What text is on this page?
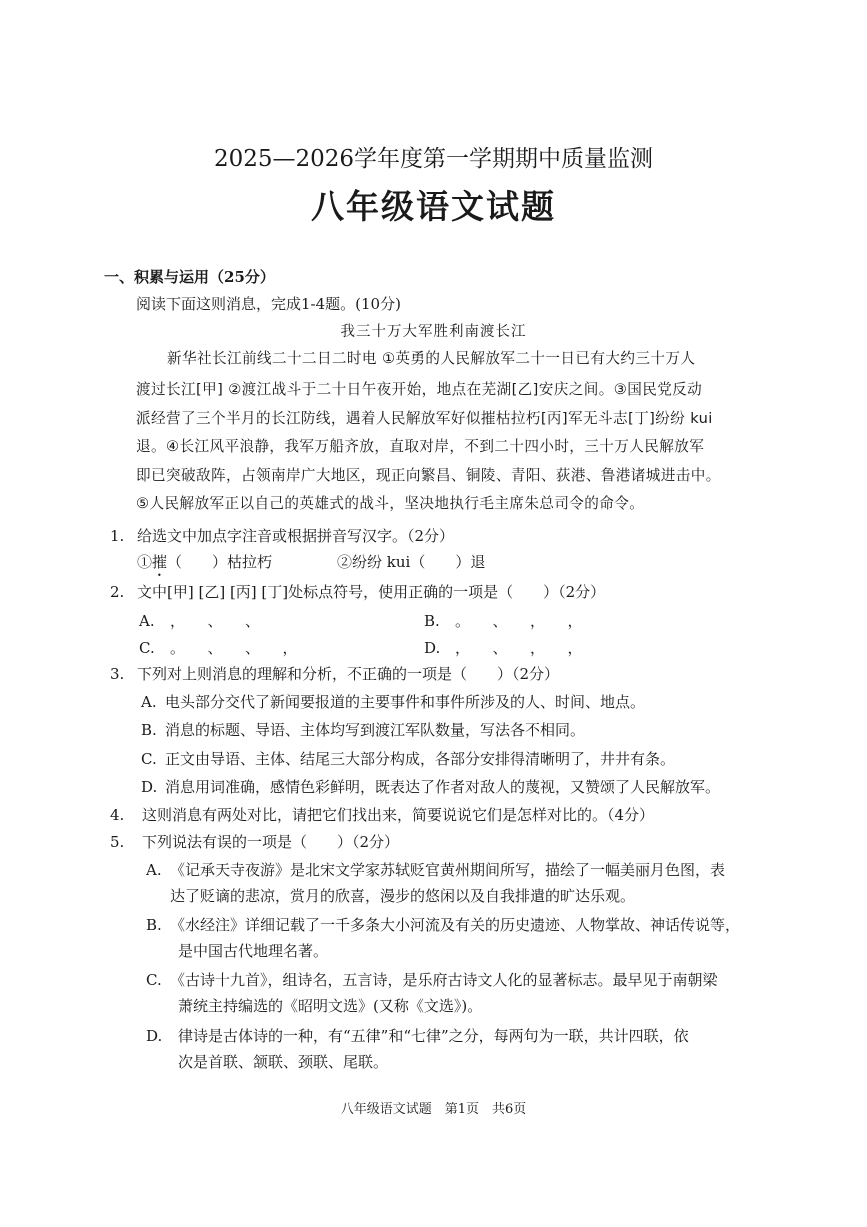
2025—2026学年度第一学期期中质量监测
八年级语文试题
一、积累与运用（25分）
阅读下面这则消息，完成1-4题。(10分)
我三十万大军胜利南渡长江
新华社长江前线二十二日二时电 ①英勇的人民解放军二十一日已有大约三十万人
渡过长江[甲] ②渡江战斗于二十日午夜开始，地点在芜湖[乙]安庆之间。③国民党反动
派经营了三个半月的长江防线，遇着人民解放军好似摧枯拉朽[丙]军无斗志[丁]纷纷 kui
退。④长江风平浪静，我军万船齐放，直取对岸，不到二十四小时，三十万人民解放军
即已突破敌阵，占领南岸广大地区，现正向繁昌、铜陵、青阳、荻港、鲁港诸城进击中。
⑤人民解放军正以自己的英雄式的战斗，坚决地执行毛主席朱总司令的命令。
1. 给选文中加点字注音或根据拼音写汉字。（2分）
①摧（　　）枯拉朽	②纷纷 kui（　　）退
2. 文中[甲] [乙] [丙] [丁]处标点符号，使用正确的一项是（　　）（2分）
A. ，　　、　　、	B. 。　　、　　，　　，
C. 。　　、　　、　　，	D. ，　　、　　，　　，
3. 下列对上则消息的理解和分析，不正确的一项是（　　）（2分）
A. 电头部分交代了新闻要报道的主要事件和事件所涉及的人、时间、地点。
B. 消息的标题、导语、主体均写到渡江军队数量，写法各不相同。
C. 正文由导语、主体、结尾三大部分构成，各部分安排得清晰明了，井井有条。
D. 消息用词准确，感情色彩鲜明，既表达了作者对敌人的蔑视，又赞颂了人民解放军。
4. 这则消息有两处对比，请把它们找出来，简要说说它们是怎样对比的。（4分）
5. 下列说法有误的一项是（　　）（2分）
A. 《记承天寺夜游》是北宋文学家苏轼贬官黄州期间所写，描绘了一幅美丽月色图，表
达了贬谪的悲凉，赏月的欣喜，漫步的悠闲以及自我排遣的旷达乐观。
B. 《水经注》详细记载了一千多条大小河流及有关的历史遗迹、人物掌故、神话传说等，
是中国古代地理名著。
C. 《古诗十九首》，组诗名，五言诗，是乐府古诗文人化的显著标志。最早见于南朝梁
萧统主持编选的《昭明文选》(又称《文选》)。
D. 律诗是古体诗的一种，有“五律”和“七律”之分，每两句为一联，共计四联，依
次是首联、颔联、颈联、尾联。
八年级语文试题　第1页　共6页
